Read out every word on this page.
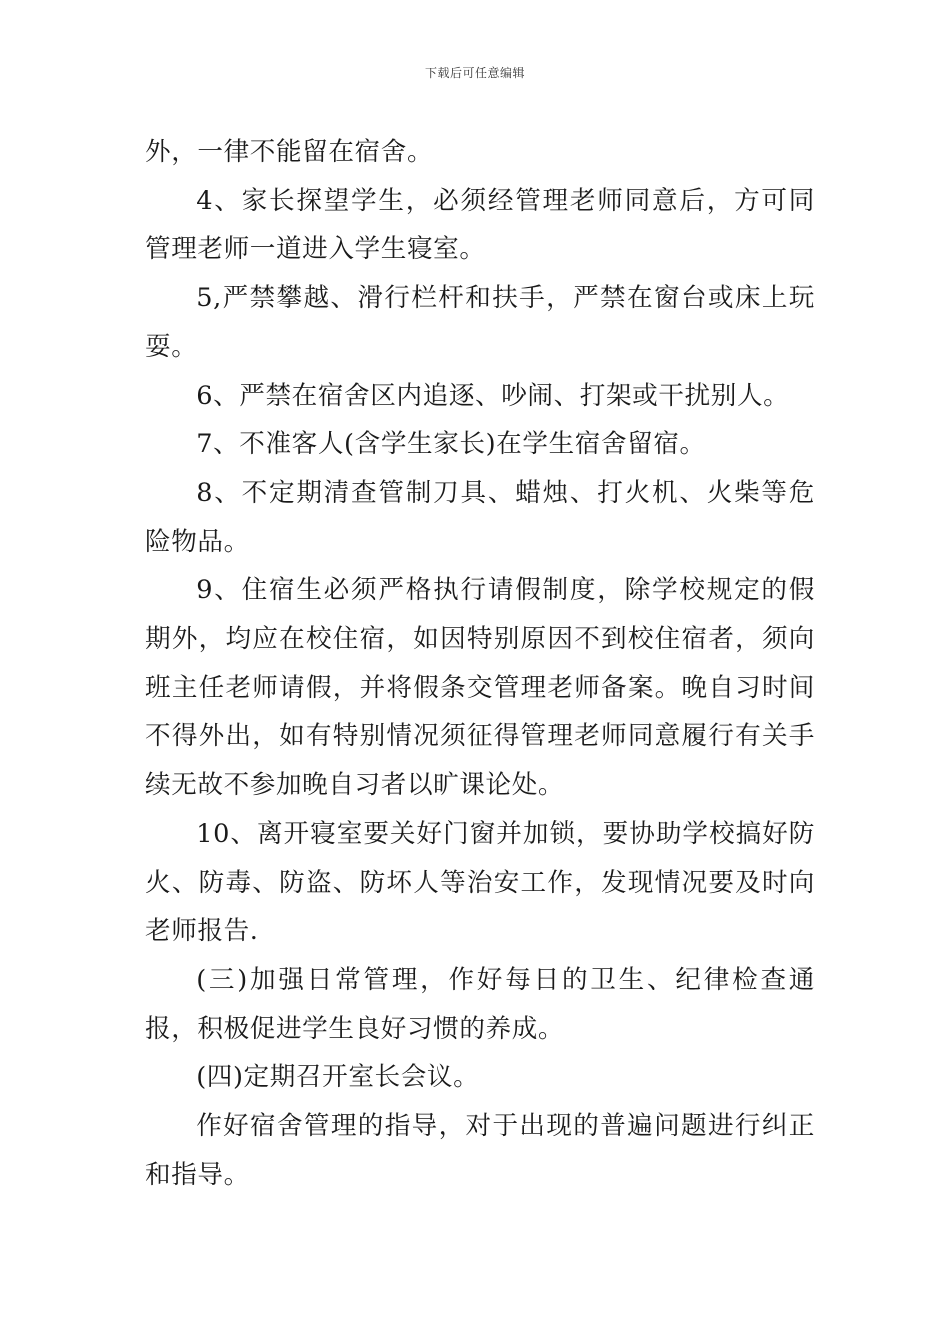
下载后可任意编辑

外，一律不能留在宿舍。

4、家长探望学生，必须经管理老师同意后，方可同管理老师一道进入学生寝室。

5,严禁攀越、滑行栏杆和扶手，严禁在窗台或床上玩耍。

6、严禁在宿舍区内追逐、吵闹、打架或干扰别人。

7、不准客人(含学生家长)在学生宿舍留宿。

8、不定期清查管制刀具、蜡烛、打火机、火柴等危险物品。

9、住宿生必须严格执行请假制度，除学校规定的假期外，均应在校住宿，如因特别原因不到校住宿者，须向班主任老师请假，并将假条交管理老师备案。晚自习时间不得外出，如有特别情况须征得管理老师同意履行有关手续无故不参加晚自习者以旷课论处。

10、离开寝室要关好门窗并加锁，要协助学校搞好防火、防毒、防盗、防坏人等治安工作，发现情况要及时向老师报告.

(三)加强日常管理，作好每日的卫生、纪律检查通报，积极促进学生良好习惯的养成。

(四)定期召开室长会议。

作好宿舍管理的指导，对于出现的普遍问题进行纠正和指导。
